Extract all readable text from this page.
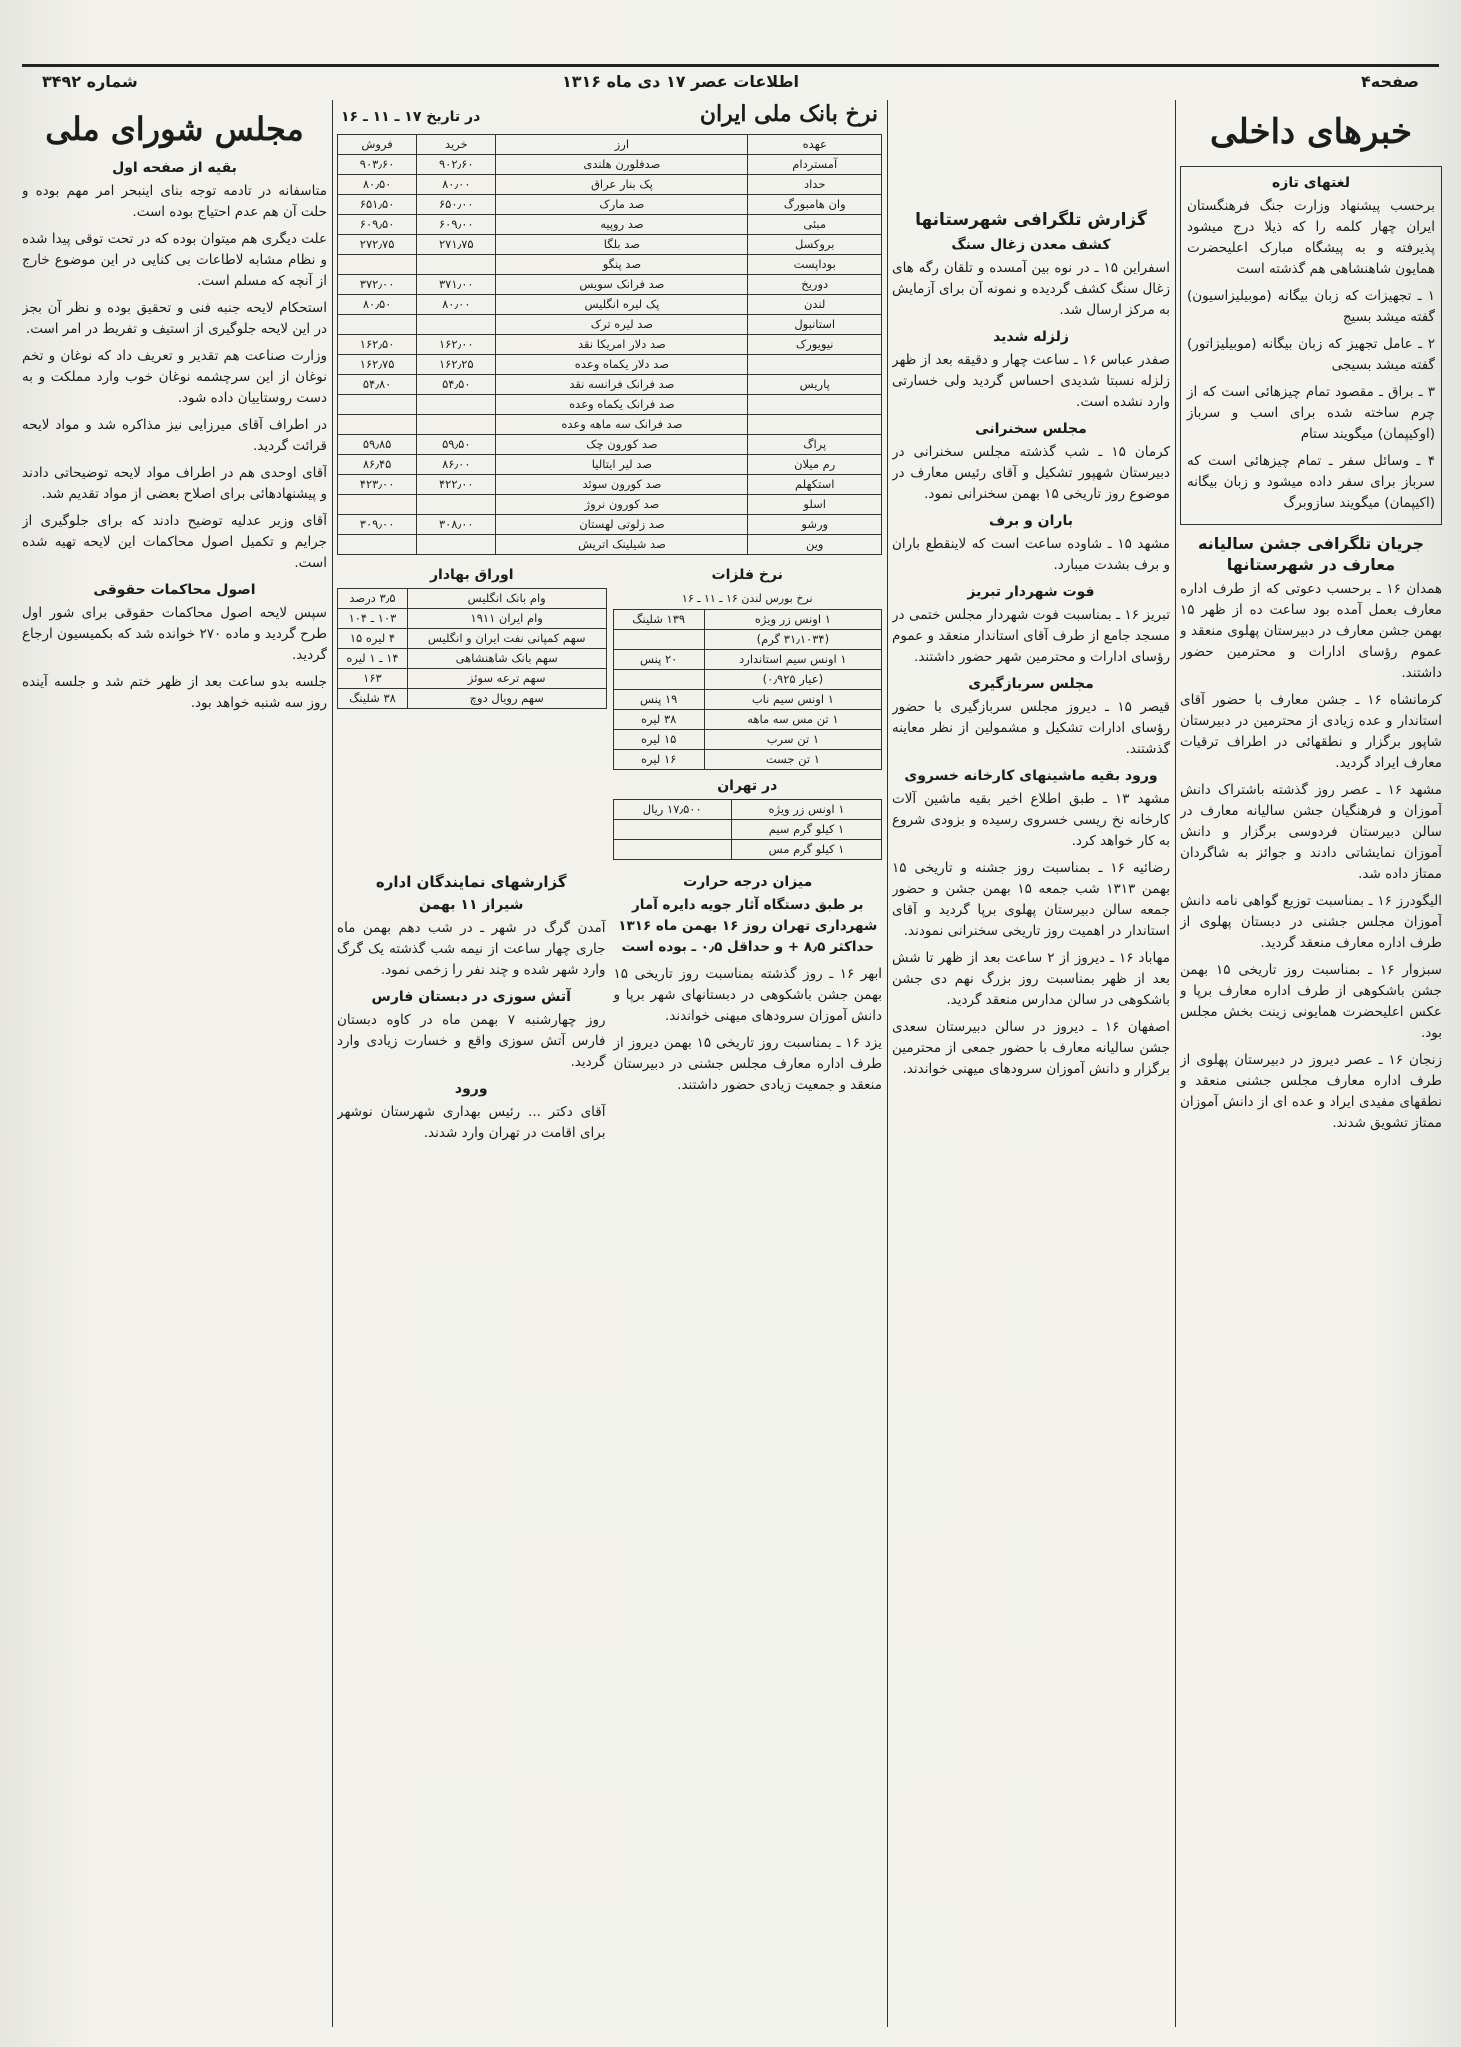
صفحه۴
اطلاعات عصر ۱۷ دی ماه ۱۳۱۶
شماره ۳۴۹۲
خبرهای داخلی
لغتهای تازه

برحسب پیشنهاد وزارت جنگ فرهنگستان ایران چهار کلمه را که ذیلا درج میشود پذیرفته و به پیشگاه مبارک اعلیحضرت همایون شاهنشاهی هم گذشته است

۱ ـ تجهیزات که زبان بیگانه (موبیلیزاسیون) گفته میشد بسیج

۲ ـ عامل تجهیز که زبان بیگانه (موبیلیزاتور) گفته میشد بسیجی

۳ ـ براق ـ مقصود تمام چیزهائی است که از چرم ساخته شده برای اسب و سرباز (اوکیپمان) میگویند ستام

۴ ـ وسائل سفر ـ تمام چیزهائی است که سرباز برای سفر داده میشود و زبان بیگانه (اکیپمان) میگویند سازوبرگ

جریان تلگرافی جشن سالیانه معارف در شهرستانها

همدان ۱۶ ـ برحسب دعوتی که از طرف اداره معارف بعمل آمده بود ساعت ده از ظهر ۱۵ بهمن جشن معارف در دبیرستان پهلوی منعقد و عموم رؤسای ادارات و محترمین حضور داشتند.

کرمانشاه ۱۶ ـ جشن معارف با حضور آقای استاندار و عده زیادی از محترمین در دبیرستان شاپور برگزار و نطقهائی در اطراف ترقیات معارف ایراد گردید.

مشهد ۱۶ ـ عصر روز گذشته باشتراک دانش آموزان و فرهنگیان جشن سالیانه معارف در سالن دبیرستان فردوسی برگزار و دانش آموزان نمایشاتی دادند و جوائز به شاگردان ممتاز داده شد.

الیگودرز ۱۶ ـ بمناسبت توزیع گواهی نامه دانش آموزان مجلس جشنی در دبستان پهلوی از طرف اداره معارف منعقد گردید.

سبزوار ۱۶ ـ بمناسبت روز تاریخی ۱۵ بهمن جشن باشکوهی از طرف اداره معارف برپا و عکس اعلیحضرت همایونی زینت بخش مجلس بود.

زنجان ۱۶ ـ عصر دیروز در دبیرستان پهلوی از طرف اداره معارف مجلس جشنی منعقد و نطقهای مفیدی ایراد و عده ای از دانش آموزان ممتاز تشویق شدند.

گزارش تلگرافی شهرستانها
کشف معدن زغال سنگ

اسفراین ۱۵ ـ در نوه بین آمسده و تلقان رگه های زغال سنگ کشف گردیده و نمونه آن برای آزمایش به مرکز ارسال شد.

زلزله شدید

صفدر عباس ۱۶ ـ ساعت چهار و دقیقه بعد از ظهر زلزله نسبتا شدیدی احساس گردید ولی خسارتی وارد نشده است.

مجلس سخنرانی

کرمان ۱۵ ـ شب گذشته مجلس سخنرانی در دبیرستان شهپور تشکیل و آقای رئیس معارف در موضوع روز تاریخی ۱۵ بهمن سخنرانی نمود.

باران و برف

مشهد ۱۵ ـ شاوده ساعت است که لاینقطع باران و برف بشدت میبارد.

فوت شهردار تبریز

تبریز ۱۶ ـ بمناسبت فوت شهردار مجلس ختمی در مسجد جامع از طرف آقای استاندار منعقد و عموم رؤسای ادارات و محترمین شهر حضور داشتند.

مجلس سربازگیری

قیصر ۱۵ ـ دیروز مجلس سربازگیری با حضور رؤسای ادارات تشکیل و مشمولین از نظر معاینه گذشتند.

ورود بقیه ماشینهای کارخانه خسروی

مشهد ۱۳ ـ طبق اطلاع اخیر بقیه ماشین آلات کارخانه نخ ریسی خسروی رسیده و بزودی شروع به کار خواهد کرد.

رضائیه ۱۶ ـ بمناسبت روز جشنه و تاریخی ۱۵ بهمن ۱۳۱۳ شب جمعه ۱۵ بهمن جشن و حضور جمعه سالن دبیرستان پهلوی برپا گردید و آقای استاندار در اهمیت روز تاریخی سخنرانی نمودند.

مهاباد ۱۶ ـ دیروز از ۲ ساعت بعد از ظهر تا شش بعد از ظهر بمناسبت روز بزرگ نهم دی جشن باشکوهی در سالن مدارس منعقد گردید.

اصفهان ۱۶ ـ دیروز در سالن دبیرستان سعدی جشن سالیانه معارف با حضور جمعی از محترمین برگزار و دانش آموزان سرودهای میهنی خواندند.

نرخ بانک ملی ایران
در تاریخ ۱۷ ـ ۱۱ ـ ۱۶
عهده	ارز	خرید	فروش
آمستردام	صدفلورن هلندی	۹۰۲٫۶۰	۹۰۳٫۶۰
حداد	پک بنار عراق	۸۰٫۰۰	۸۰٫۵۰
وان هامبورگ	صد مارک	۶۵۰٫۰۰	۶۵۱٫۵۰
مبئی	صد روپیه	۶۰۹٫۰۰	۶۰۹٫۵۰
بروکسل	صد بلگا	۲۷۱٫۷۵	۲۷۲٫۷۵
بوداپست	صد پنگو		
دوریخ	صد فرانک سویس	۳۷۱٫۰۰	۳۷۲٫۰۰
لندن	پک لیره انگلیس	۸۰٫۰۰	۸۰٫۵۰
استانبول	صد لیره ترک		
نیویورک	صد دلار امریکا نقد	۱۶۲٫۰۰	۱۶۲٫۵۰
	صد دلار یکماه وعده	۱۶۲٫۲۵	۱۶۲٫۷۵
پاریس	صد فرانک فرانسه نقد	۵۴٫۵۰	۵۴٫۸۰
	صد فرانک یکماه وعده		
	صد فرانک سه ماهه وعده		
پراگ	صد کورون چک	۵۹٫۵۰	۵۹٫۸۵
رم میلان	صد لیر ایتالیا	۸۶٫۰۰	۸۶٫۴۵
استکهلم	صد کورون سوئد	۴۲۲٫۰۰	۴۲۳٫۰۰
اسلو	صد کورون نروژ		
ورشو	صد زلوتی لهستان	۳۰۸٫۰۰	۳۰۹٫۰۰
وین	صد شیلینک اتریش		
نرخ فلزات
نرخ بورس لندن ۱۶ ـ ۱۱ ـ ۱۶
۱ اونس زر ویژه	۱۳۹ شلینگ
(۳۱٫۱۰۳۴ گرم)	
۱ اونس سیم استاندارد	۲۰ پنس
(عیار ۰٫۹۲۵)	
۱ اونس سیم ناب	۱۹ پنس
۱ تن مس سه ماهه	۳۸ لیره
۱ تن سرب	۱۵ لیره
۱ تن جست	۱۶ لیره
در تهران
۱ اونس زر ویژه	۱۷٫۵۰۰ ریال
۱ کیلو گرم سیم	
۱ کیلو گرم مس	
اوراق بهادار
وام بانک انگلیس	۳٫۵ درصد
وام ایران ۱۹۱۱	۱۰۳ ـ ۱۰۴
سهم کمپانی نفت ایران و انگلیس	۴ لیره ۱۵
سهم بانک شاهنشاهی	۱۴ ـ ۱ لیره
سهم ترعه سوئز	۱۶۳
سهم رویال دوچ	۳۸ شلینگ
میزان درجه حرارت

بر طبق دستگاه آثار جویه دایره آمار شهرداری تهران روز ۱۶ بهمن ماه ۱۳۱۶ حداکثر ۸٫۵ + و حداقل ۰٫۵ ـ بوده است

ابهر ۱۶ ـ روز گذشته بمناسبت روز تاریخی ۱۵ بهمن جشن باشکوهی در دبستانهای شهر برپا و دانش آموزان سرودهای میهنی خواندند.

یزد ۱۶ ـ بمناسبت روز تاریخی ۱۵ بهمن دیروز از طرف اداره معارف مجلس جشنی در دبیرستان منعقد و جمعیت زیادی حضور داشتند.

گزارشهای نمایندگان اداره
شیراز ۱۱ بهمن

آمدن گرگ در شهر ـ در شب دهم بهمن ماه جاری چهار ساعت از نیمه شب گذشته یک گرگ وارد شهر شده و چند نفر را زخمی نمود.

آتش سوزی در دبستان فارس

روز چهارشنبه ۷ بهمن ماه در کاوه دبستان فارس آتش سوزی واقع و خسارت زیادی وارد گردید.

ورود

آقای دکتر ... رئیس بهداری شهرستان نوشهر برای اقامت در تهران وارد شدند.

مجلس شورای ملی
بقیه از صفحه اول

متاسفانه در تادمه توجه بنای اینبحر امر مهم بوده و حلت آن هم عدم احتیاج بوده است.

علت دیگری هم میتوان بوده که در تحت توقی پیدا شده و نظام مشابه لاطاعات بی کنایی در این موضوع خارج از آنچه که مسلم است.

استحکام لایحه جنبه فنی و تحقیق بوده و نظر آن بجز در این لایحه جلوگیری از استیف و تفریط در امر است.

وزارت صناعت هم تقدیر و تعریف داد که نوغان و تخم نوغان از این سرچشمه نوغان خوب وارد مملکت و به دست روستاییان داده شود.

در اطراف آقای میرزایی نیز مذاکره شد و مواد لایحه قرائت گردید.

آقای اوحدی هم در اطراف مواد لایحه توضیحاتی دادند و پیشنهادهائی برای اصلاح بعضی از مواد تقدیم شد.

آقای وزیر عدلیه توضیح دادند که برای جلوگیری از جرایم و تکمیل اصول محاکمات این لایحه تهیه شده است.

اصول محاکمات حقوقی

سپس لایحه اصول محاکمات حقوقی برای شور اول طرح گردید و ماده ۲۷۰ خوانده شد که بکمیسیون ارجاع گردید.

جلسه بدو ساعت بعد از ظهر ختم شد و جلسه آینده روز سه شنبه خواهد بود.
